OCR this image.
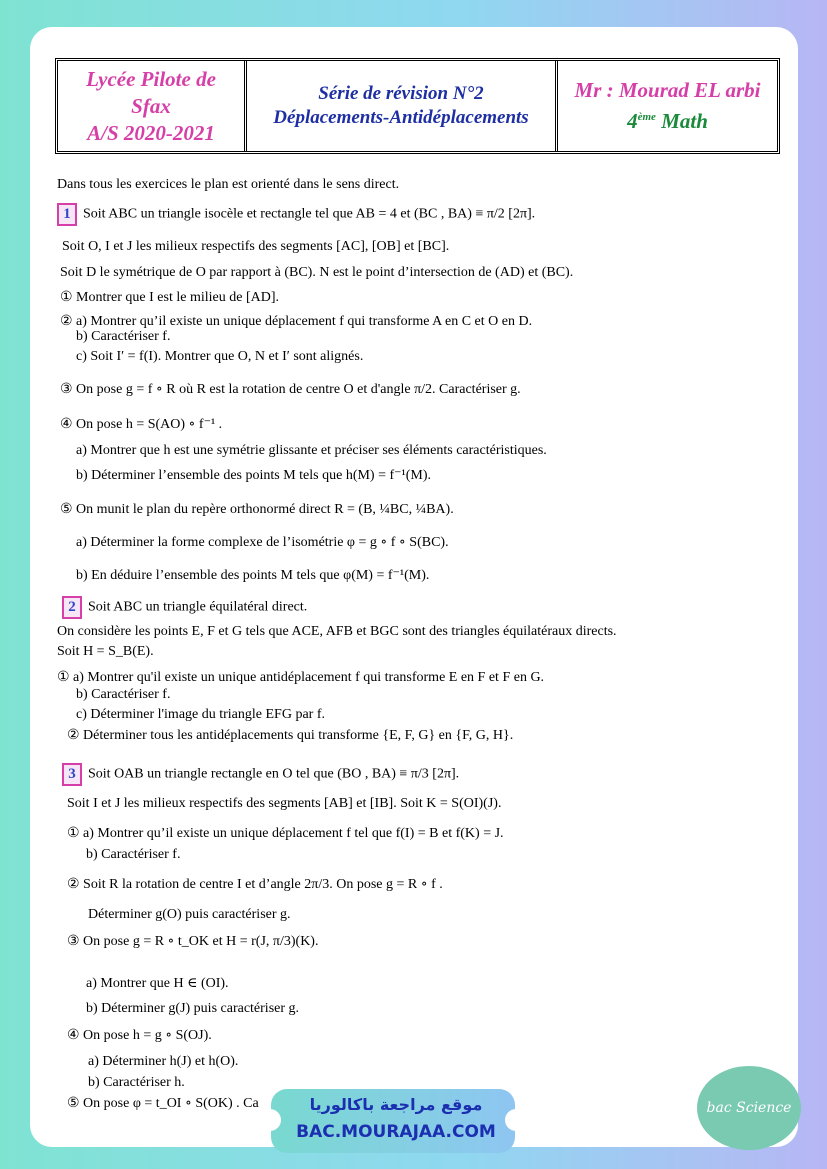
Lycée Pilote de
Sfax
A/S 2020-2021
Série de révision N°2
Déplacements-Antidéplacements
Mr : Mourad EL arbi
4ème Math
Dans tous les exercices le plan est orienté dans le sens direct.
1 Soit ABC un triangle isocèle et rectangle tel que AB = 4 et (BC , BA) ≡ π/2 [2π].
Soit O, I et J les milieux respectifs des segments [AC], [OB] et [BC].
Soit D le symétrique de O par rapport à (BC). N est le point d’intersection de (AD) et (BC).
① Montrer que I est le milieu de [AD].
② a) Montrer qu’il existe un unique déplacement f qui transforme A en C et O en D.
b) Caractériser f.
c) Soit I′ = f(I). Montrer que O, N et I′ sont alignés.
③ On pose g = f ∘ R où R est la rotation de centre O et d'angle π/2. Caractériser g.
④ On pose h = S(AO) ∘ f⁻¹ .
a) Montrer que h est une symétrie glissante et préciser ses éléments caractéristiques.
b) Déterminer l’ensemble des points M tels que h(M) = f⁻¹(M).
⑤ On munit le plan du repère orthonormé direct R = (B, ¼BC, ¼BA).
a) Déterminer la forme complexe de l’isométrie φ = g ∘ f ∘ S(BC).
b) En déduire l’ensemble des points M tels que φ(M) = f⁻¹(M).
2 Soit ABC un triangle équilatéral direct.
On considère les points E, F et G tels que ACE, AFB et BGC sont des triangles équilatéraux directs.
Soit H = S_B(E).
① a) Montrer qu'il existe un unique antidéplacement f qui transforme E en F et F en G.
b) Caractériser f.
c) Déterminer l'image du triangle EFG par f.
② Déterminer tous les antidéplacements qui transforme {E, F, G} en {F, G, H}.
3 Soit OAB un triangle rectangle en O tel que (BO , BA) ≡ π/3 [2π].
Soit I et J les milieux respectifs des segments [AB] et [IB]. Soit K = S(OI)(J).
① a) Montrer qu’il existe un unique déplacement f tel que f(I) = B et f(K) = J.
b) Caractériser f.
② Soit R la rotation de centre I et d’angle 2π/3. On pose g = R ∘ f .
Déterminer g(O) puis caractériser g.
③ On pose g = R ∘ t_OK et H = r(J, π/3)(K).
a) Montrer que H ∈ (OI).
b) Déterminer g(J) puis caractériser g.
④ On pose h = g ∘ S(OJ).
a) Déterminer h(J) et h(O).
b) Caractériser h.
⑤ On pose φ = t_OI ∘ S(OK) . Ca	موقع مراجعة باكالوريا
BAC.MOURAJAA.COM
bac Science
